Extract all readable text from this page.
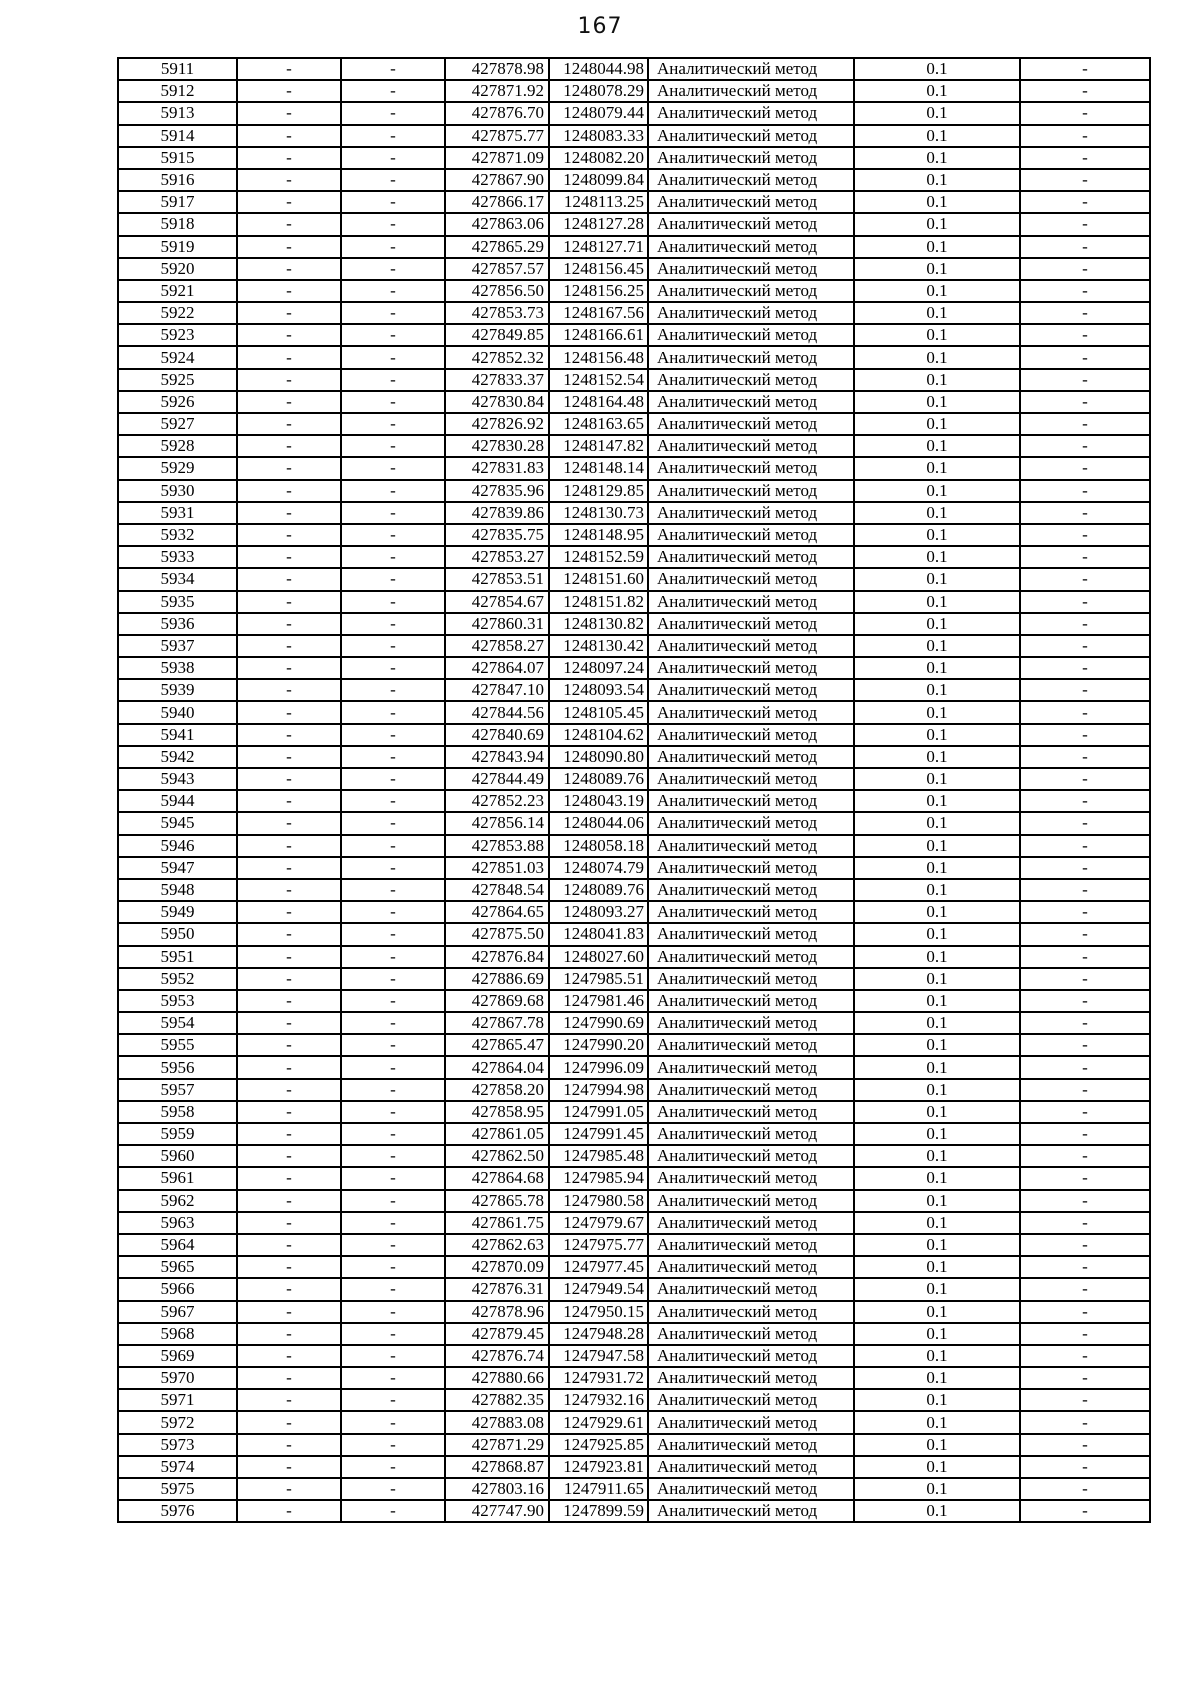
167
5911	-	-	427878.98	1248044.98	Аналитический метод	0.1	-
5912	-	-	427871.92	1248078.29	Аналитический метод	0.1	-
5913	-	-	427876.70	1248079.44	Аналитический метод	0.1	-
5914	-	-	427875.77	1248083.33	Аналитический метод	0.1	-
5915	-	-	427871.09	1248082.20	Аналитический метод	0.1	-
5916	-	-	427867.90	1248099.84	Аналитический метод	0.1	-
5917	-	-	427866.17	1248113.25	Аналитический метод	0.1	-
5918	-	-	427863.06	1248127.28	Аналитический метод	0.1	-
5919	-	-	427865.29	1248127.71	Аналитический метод	0.1	-
5920	-	-	427857.57	1248156.45	Аналитический метод	0.1	-
5921	-	-	427856.50	1248156.25	Аналитический метод	0.1	-
5922	-	-	427853.73	1248167.56	Аналитический метод	0.1	-
5923	-	-	427849.85	1248166.61	Аналитический метод	0.1	-
5924	-	-	427852.32	1248156.48	Аналитический метод	0.1	-
5925	-	-	427833.37	1248152.54	Аналитический метод	0.1	-
5926	-	-	427830.84	1248164.48	Аналитический метод	0.1	-
5927	-	-	427826.92	1248163.65	Аналитический метод	0.1	-
5928	-	-	427830.28	1248147.82	Аналитический метод	0.1	-
5929	-	-	427831.83	1248148.14	Аналитический метод	0.1	-
5930	-	-	427835.96	1248129.85	Аналитический метод	0.1	-
5931	-	-	427839.86	1248130.73	Аналитический метод	0.1	-
5932	-	-	427835.75	1248148.95	Аналитический метод	0.1	-
5933	-	-	427853.27	1248152.59	Аналитический метод	0.1	-
5934	-	-	427853.51	1248151.60	Аналитический метод	0.1	-
5935	-	-	427854.67	1248151.82	Аналитический метод	0.1	-
5936	-	-	427860.31	1248130.82	Аналитический метод	0.1	-
5937	-	-	427858.27	1248130.42	Аналитический метод	0.1	-
5938	-	-	427864.07	1248097.24	Аналитический метод	0.1	-
5939	-	-	427847.10	1248093.54	Аналитический метод	0.1	-
5940	-	-	427844.56	1248105.45	Аналитический метод	0.1	-
5941	-	-	427840.69	1248104.62	Аналитический метод	0.1	-
5942	-	-	427843.94	1248090.80	Аналитический метод	0.1	-
5943	-	-	427844.49	1248089.76	Аналитический метод	0.1	-
5944	-	-	427852.23	1248043.19	Аналитический метод	0.1	-
5945	-	-	427856.14	1248044.06	Аналитический метод	0.1	-
5946	-	-	427853.88	1248058.18	Аналитический метод	0.1	-
5947	-	-	427851.03	1248074.79	Аналитический метод	0.1	-
5948	-	-	427848.54	1248089.76	Аналитический метод	0.1	-
5949	-	-	427864.65	1248093.27	Аналитический метод	0.1	-
5950	-	-	427875.50	1248041.83	Аналитический метод	0.1	-
5951	-	-	427876.84	1248027.60	Аналитический метод	0.1	-
5952	-	-	427886.69	1247985.51	Аналитический метод	0.1	-
5953	-	-	427869.68	1247981.46	Аналитический метод	0.1	-
5954	-	-	427867.78	1247990.69	Аналитический метод	0.1	-
5955	-	-	427865.47	1247990.20	Аналитический метод	0.1	-
5956	-	-	427864.04	1247996.09	Аналитический метод	0.1	-
5957	-	-	427858.20	1247994.98	Аналитический метод	0.1	-
5958	-	-	427858.95	1247991.05	Аналитический метод	0.1	-
5959	-	-	427861.05	1247991.45	Аналитический метод	0.1	-
5960	-	-	427862.50	1247985.48	Аналитический метод	0.1	-
5961	-	-	427864.68	1247985.94	Аналитический метод	0.1	-
5962	-	-	427865.78	1247980.58	Аналитический метод	0.1	-
5963	-	-	427861.75	1247979.67	Аналитический метод	0.1	-
5964	-	-	427862.63	1247975.77	Аналитический метод	0.1	-
5965	-	-	427870.09	1247977.45	Аналитический метод	0.1	-
5966	-	-	427876.31	1247949.54	Аналитический метод	0.1	-
5967	-	-	427878.96	1247950.15	Аналитический метод	0.1	-
5968	-	-	427879.45	1247948.28	Аналитический метод	0.1	-
5969	-	-	427876.74	1247947.58	Аналитический метод	0.1	-
5970	-	-	427880.66	1247931.72	Аналитический метод	0.1	-
5971	-	-	427882.35	1247932.16	Аналитический метод	0.1	-
5972	-	-	427883.08	1247929.61	Аналитический метод	0.1	-
5973	-	-	427871.29	1247925.85	Аналитический метод	0.1	-
5974	-	-	427868.87	1247923.81	Аналитический метод	0.1	-
5975	-	-	427803.16	1247911.65	Аналитический метод	0.1	-
5976	-	-	427747.90	1247899.59	Аналитический метод	0.1	-
